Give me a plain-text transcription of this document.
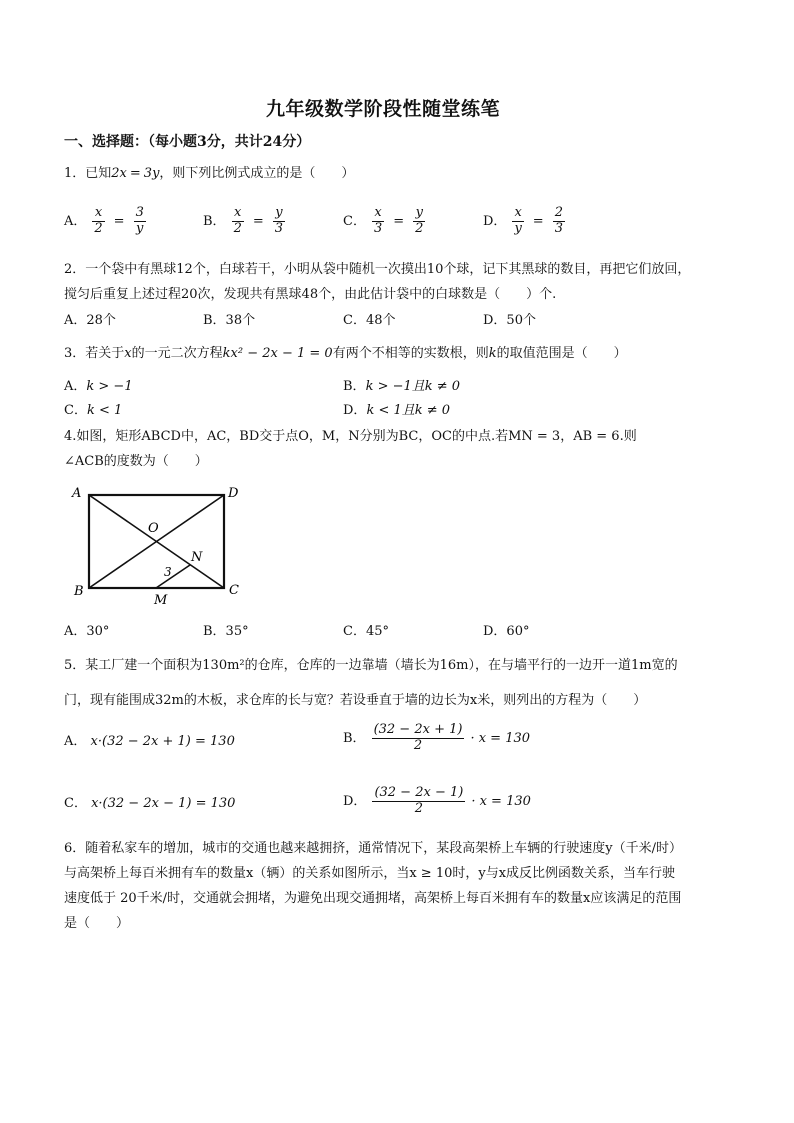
九年级数学阶段性随堂练笔
一、选择题：（每小题3分，共计24分）
1．已知2x = 3y，则下列比例式成立的是（　　）
A． $\frac{x}{2} = \frac{3}{y}$	B． $\frac{x}{2} = \frac{y}{3}$	C． $\frac{x}{3} = \frac{y}{2}$	D． $\frac{x}{y} = \frac{2}{3}$
2．一个袋中有黑球12个，白球若干，小明从袋中随机一次摸出10个球，记下其黑球的数目，再把它们放回，
搅匀后重复上述过程20次，发现共有黑球48个，由此估计袋中的白球数是（　　）个.
A．28个	B．38个	C．48个	D．50个
3．若关于x的一元二次方程kx² − 2x − 1 = 0有两个不相等的实数根，则k的取值范围是（　　）
A．k > −1	B．k > −1且k ≠ 0
C．k < 1	D．k < 1且k ≠ 0
4.如图，矩形ABCD中，AC，BD交于点O，M，N分别为BC，OC的中点.若MN = 3，AB = 6.则
∠ACB的度数为（　　）
A	D
B	C
O
N
M
3
A．30°	B．35°	C．45°	D．60°
5．某工厂建一个面积为130m²的仓库，仓库的一边靠墙（墙长为16m），在与墙平行的一边开一道1m宽的
门，现有能围成32m的木板，求仓库的长与宽？若设垂直于墙的边长为x米，则列出的方程为（　　）
A． x·(32 − 2x + 1) = 130	B． $\frac{(32 - 2x + 1)}{2} \cdot x = 130$
C． x·(32 − 2x − 1) = 130	D． $\frac{(32 - 2x - 1)}{2} \cdot x = 130$
6．随着私家车的增加，城市的交通也越来越拥挤，通常情况下，某段高架桥上车辆的行驶速度y（千米/时）
与高架桥上每百米拥有车的数量x（辆）的关系如图所示，当x ≥ 10时，y与x成反比例函数关系，当车行驶
速度低于 20千米/时，交通就会拥堵，为避免出现交通拥堵，高架桥上每百米拥有车的数量x应该满足的范围
是（　　）
